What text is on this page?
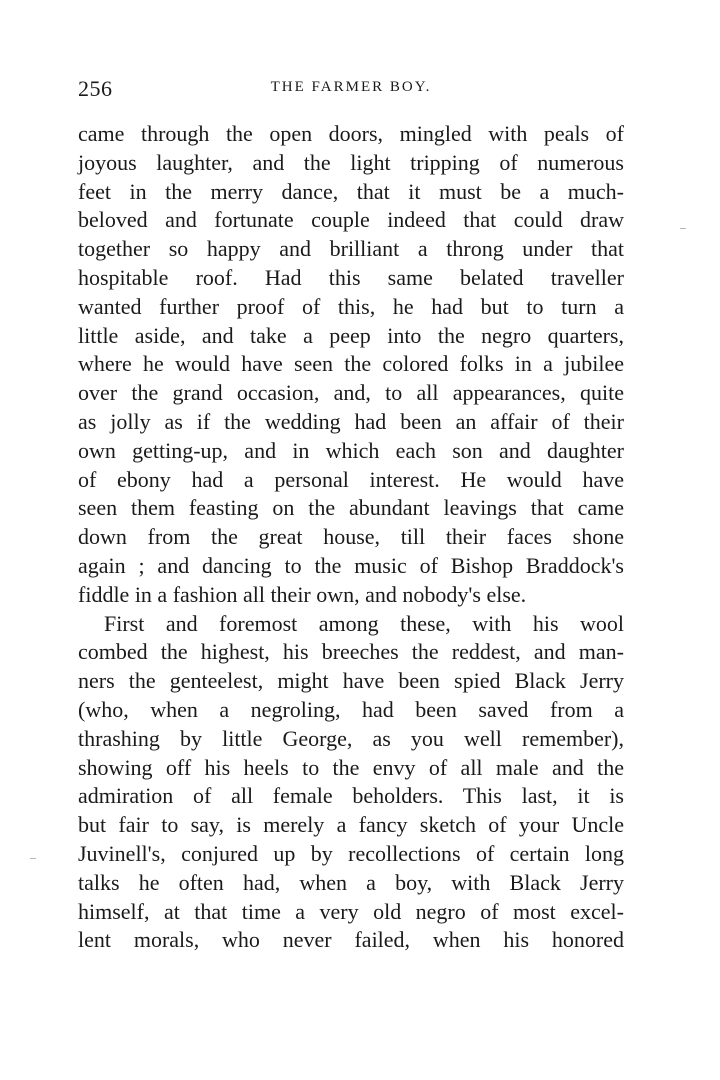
256	THE FARMER BOY.
came through the open doors, mingled with peals of
joyous laughter, and the light tripping of numerous
feet in the merry dance, that it must be a much-
beloved and fortunate couple indeed that could draw
together so happy and brilliant a throng under that
hospitable roof. Had this same belated traveller
wanted further proof of this, he had but to turn a
little aside, and take a peep into the negro quarters,
where he would have seen the colored folks in a jubilee
over the grand occasion, and, to all appearances, quite
as jolly as if the wedding had been an affair of their
own getting-up, and in which each son and daughter
of ebony had a personal interest. He would have
seen them feasting on the abundant leavings that came
down from the great house, till their faces shone
again ; and dancing to the music of Bishop Braddock's
fiddle in a fashion all their own, and nobody's else.
First and foremost among these, with his wool
combed the highest, his breeches the reddest, and man-
ners the genteelest, might have been spied Black Jerry
(who, when a negroling, had been saved from a
thrashing by little George, as you well remember),
showing off his heels to the envy of all male and the
admiration of all female beholders. This last, it is
but fair to say, is merely a fancy sketch of your Uncle
Juvinell's, conjured up by recollections of certain long
talks he often had, when a boy, with Black Jerry
himself, at that time a very old negro of most excel-
lent morals, who never failed, when his honored
